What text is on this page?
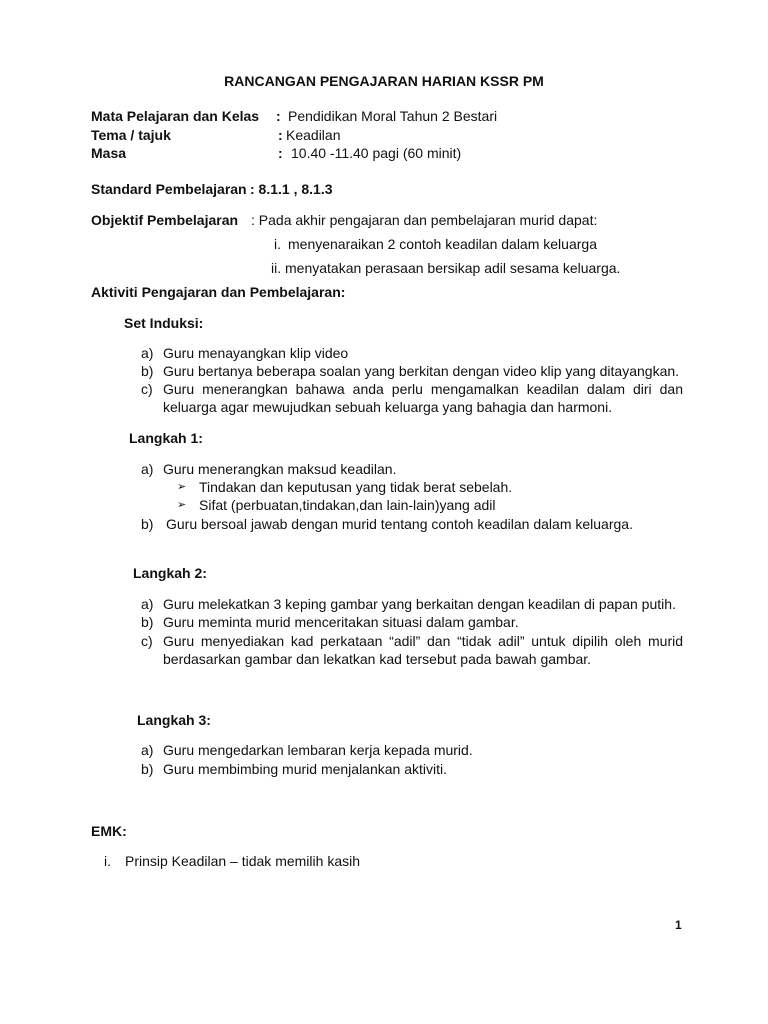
RANCANGAN PENGAJARAN HARIAN KSSR PM
Mata Pelajaran dan Kelas : Pendidikan Moral Tahun 2 Bestari
Tema / tajuk	: Keadilan
Masa	: 10.40 -11.40 pagi (60 minit)
Standard Pembelajaran : 8.1.1 , 8.1.3
Objektif Pembelajaran : Pada akhir pengajaran dan pembelajaran murid dapat:
i. menyenaraikan 2 contoh keadilan dalam keluarga
ii. menyatakan perasaan bersikap adil sesama keluarga.
Aktiviti Pengajaran dan Pembelajaran:
Set Induksi:
a) Guru menayangkan klip video
b) Guru bertanya beberapa soalan yang berkitan dengan video klip yang ditayangkan.
c) Guru menerangkan bahawa anda perlu mengamalkan keadilan dalam diri dan
keluarga agar mewujudkan sebuah keluarga yang bahagia dan harmoni.
Langkah 1:
a) Guru menerangkan maksud keadilan.
➢ Tindakan dan keputusan yang tidak berat sebelah.
➢ Sifat (perbuatan,tindakan,dan lain-lain)yang adil
b) Guru bersoal jawab dengan murid tentang contoh keadilan dalam keluarga.
Langkah 2:
a) Guru melekatkan 3 keping gambar yang berkaitan dengan keadilan di papan putih.
b) Guru meminta murid menceritakan situasi dalam gambar.
c) Guru menyediakan kad perkataan “adil” dan “tidak adil” untuk dipilih oleh murid
berdasarkan gambar dan lekatkan kad tersebut pada bawah gambar.
Langkah 3:
a) Guru mengedarkan lembaran kerja kepada murid.
b) Guru membimbing murid menjalankan aktiviti.
EMK:
i. Prinsip Keadilan – tidak memilih kasih
1
